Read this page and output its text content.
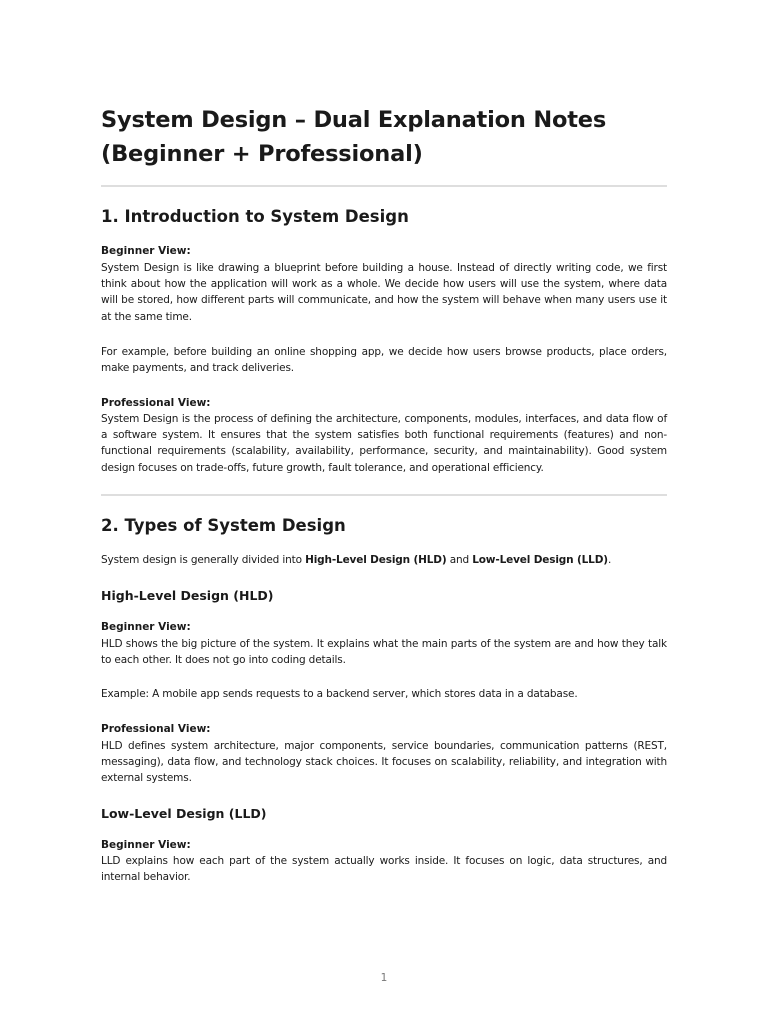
System Design – Dual Explanation Notes
(Beginner + Professional)
1. Introduction to System Design

Beginner View:

System Design is like drawing a blueprint before building a house. Instead of directly writing code, we first think about how the application will work as a whole. We decide how users will use the system, where data will be stored, how different parts will communicate, and how the system will behave when many users use it at the same time.

For example, before building an online shopping app, we decide how users browse products, place orders, make payments, and track deliveries.

Professional View:

System Design is the process of defining the architecture, components, modules, interfaces, and data flow of a software system. It ensures that the system satisfies both functional requirements (features) and non-functional requirements (scalability, availability, performance, security, and maintainability). Good system design focuses on trade-offs, future growth, fault tolerance, and operational efficiency.

2. Types of System Design

System design is generally divided into High-Level Design (HLD) and Low-Level Design (LLD).

High-Level Design (HLD)

Beginner View:

HLD shows the big picture of the system. It explains what the main parts of the system are and how they talk to each other. It does not go into coding details.

Example: A mobile app sends requests to a backend server, which stores data in a database.

Professional View:

HLD defines system architecture, major components, service boundaries, communication patterns (REST, messaging), data flow, and technology stack choices. It focuses on scalability, reliability, and integration with external systems.

Low-Level Design (LLD)

Beginner View:

LLD explains how each part of the system actually works inside. It focuses on logic, data structures, and internal behavior.

1
